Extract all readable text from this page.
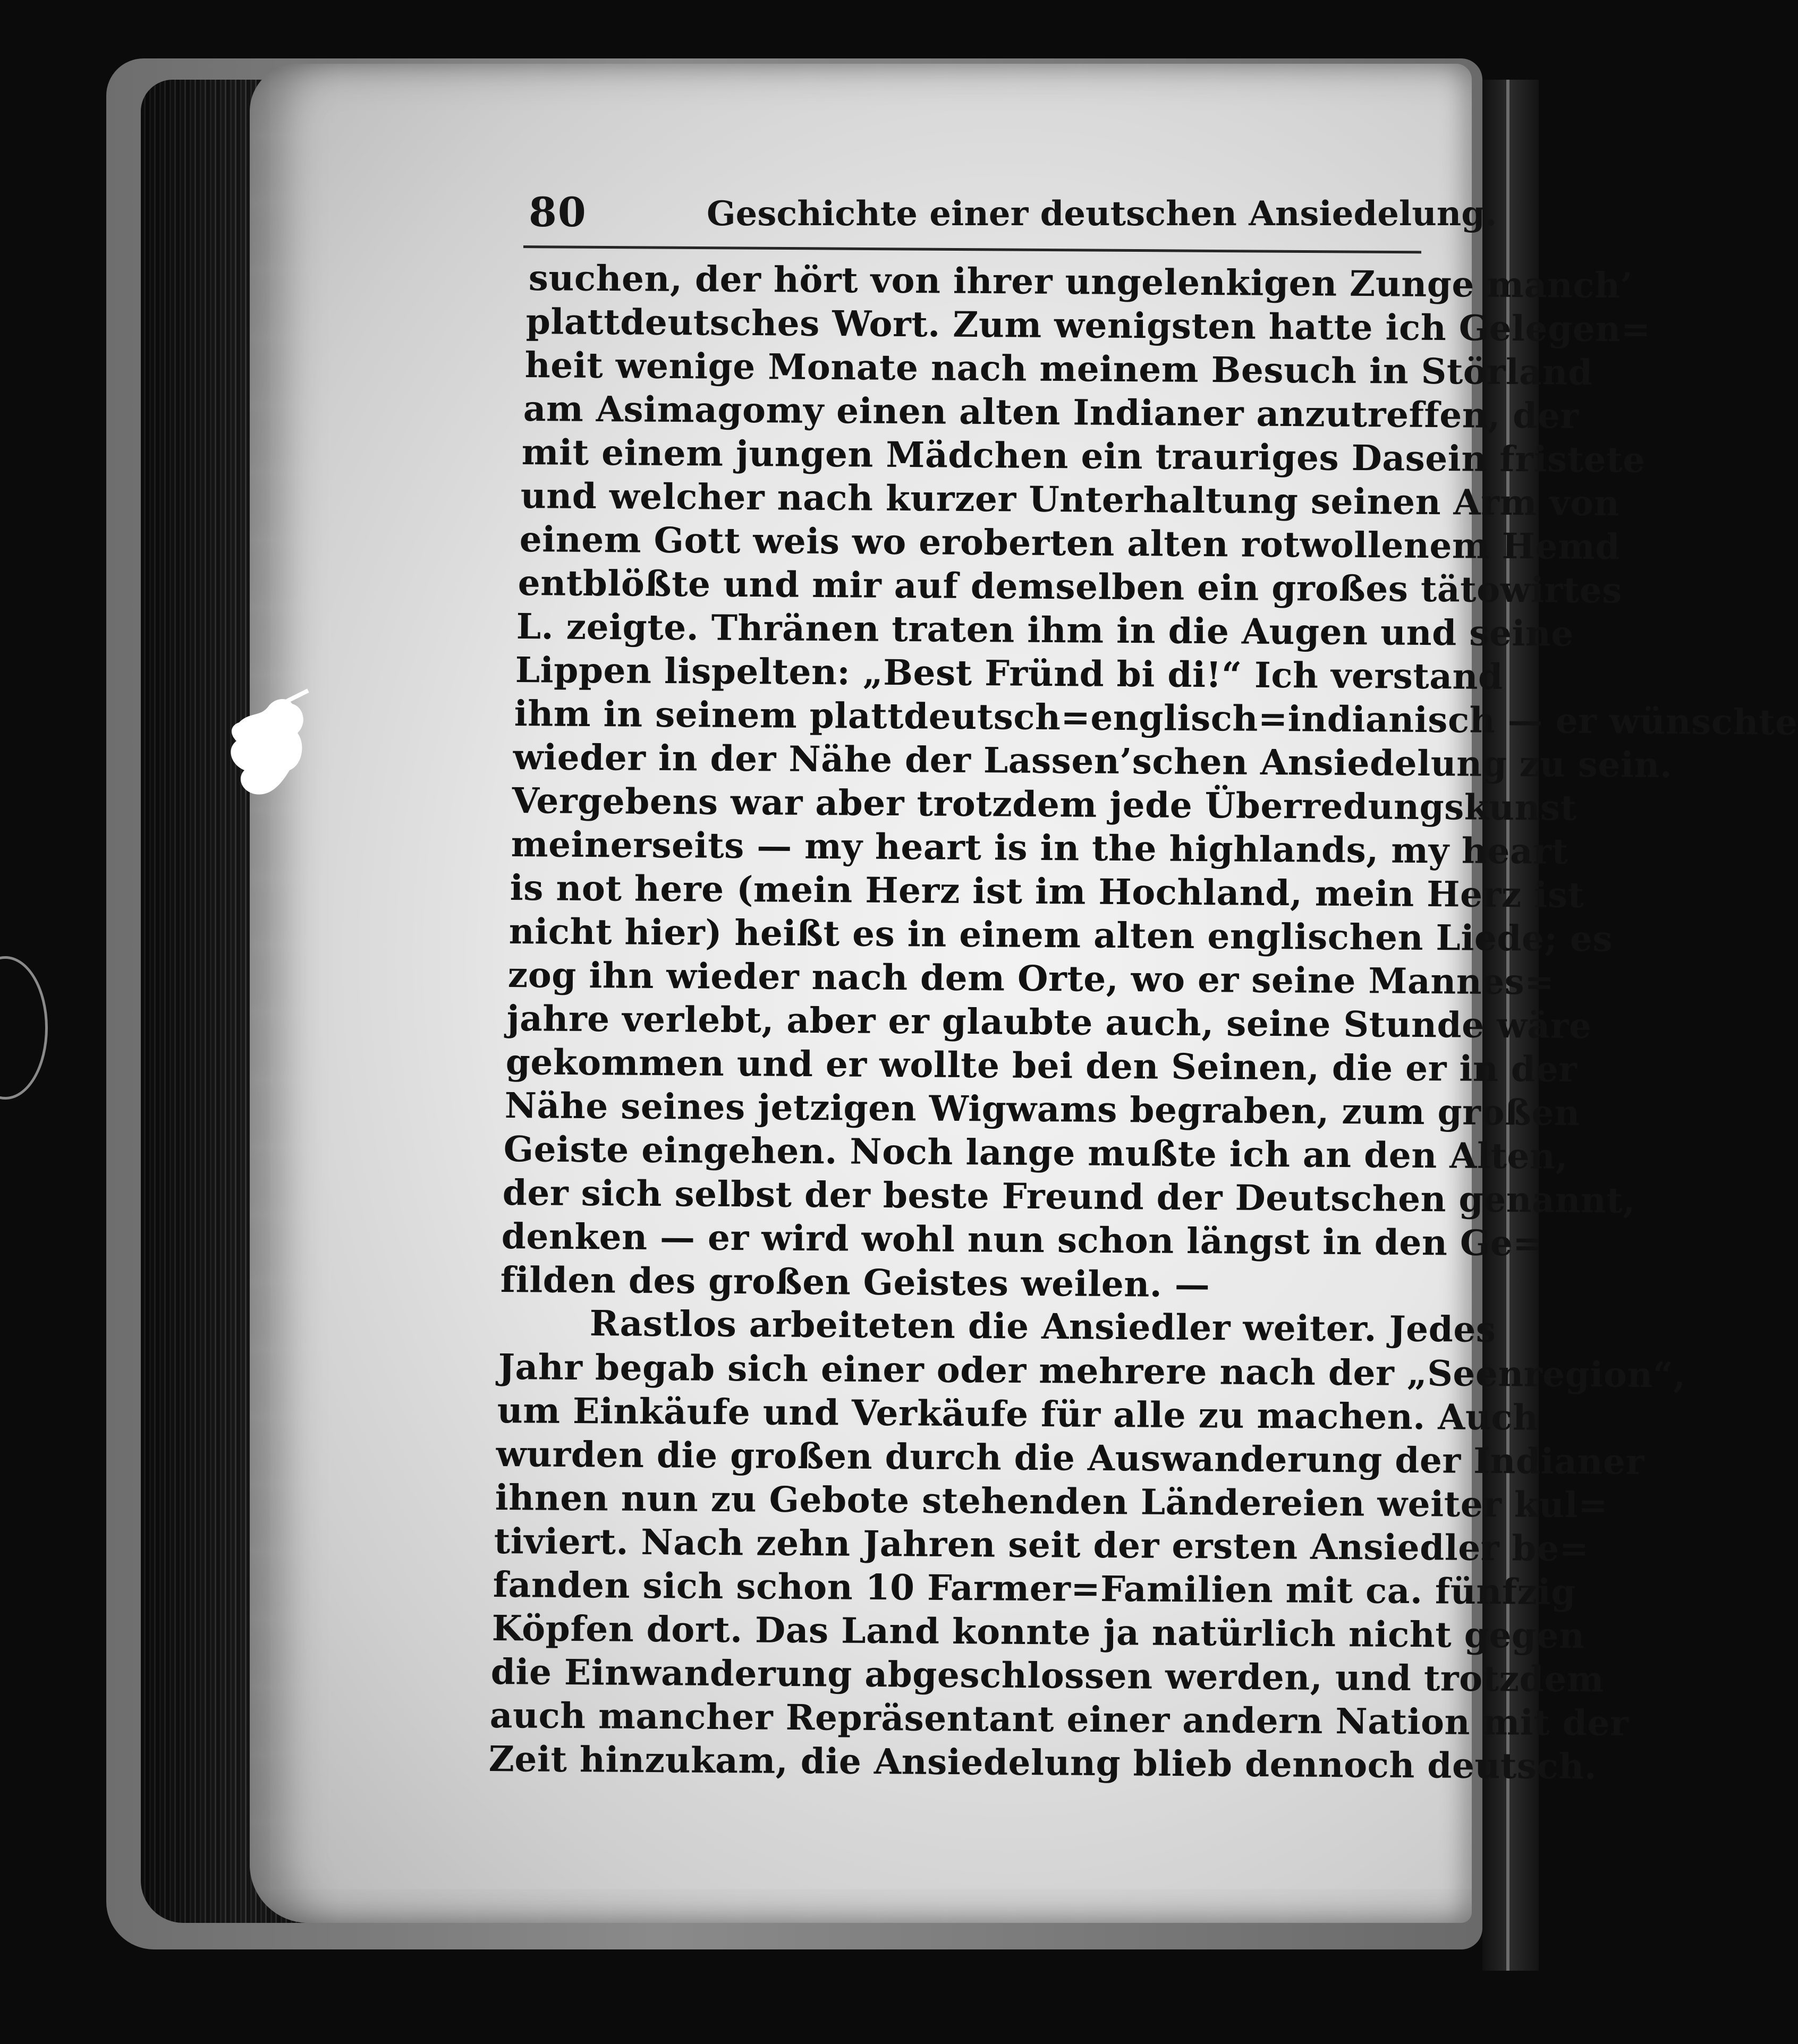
80	Geschichte einer deutschen Ansiedelung.
suchen, der hört von ihrer ungelenkigen Zunge manch’
plattdeutsches Wort. Zum wenigsten hatte ich Gelegen=
heit wenige Monate nach meinem Besuch in Störland
am Asimagomy einen alten Indianer anzutreffen, der
mit einem jungen Mädchen ein trauriges Dasein fristete
und welcher nach kurzer Unterhaltung seinen Arm von
einem Gott weis wo eroberten alten rotwollenem Hemd
entblößte und mir auf demselben ein großes tätowirtes
L. zeigte. Thränen traten ihm in die Augen und seine
Lippen lispelten: „Best Fründ bi di!“ Ich verstand
ihm in seinem plattdeutsch=englisch=indianisch — er wünschte
wieder in der Nähe der Lassen’schen Ansiedelung zu sein.
Vergebens war aber trotzdem jede Überredungskunst
meinerseits — my heart is in the highlands, my heart
is not here (mein Herz ist im Hochland, mein Herz ist
nicht hier) heißt es in einem alten englischen Liede; es
zog ihn wieder nach dem Orte, wo er seine Mannes=
jahre verlebt, aber er glaubte auch, seine Stunde wäre
gekommen und er wollte bei den Seinen, die er in der
Nähe seines jetzigen Wigwams begraben, zum großen
Geiste eingehen. Noch lange mußte ich an den Alten,
der sich selbst der beste Freund der Deutschen genannt,
denken — er wird wohl nun schon längst in den Ge=
filden des großen Geistes weilen. —
Rastlos arbeiteten die Ansiedler weiter. Jedes
Jahr begab sich einer oder mehrere nach der „Seenregion“,
um Einkäufe und Verkäufe für alle zu machen. Auch
wurden die großen durch die Auswanderung der Indianer
ihnen nun zu Gebote stehenden Ländereien weiter kul=
tiviert. Nach zehn Jahren seit der ersten Ansiedler be=
fanden sich schon 10 Farmer=Familien mit ca. fünfzig
Köpfen dort. Das Land konnte ja natürlich nicht gegen
die Einwanderung abgeschlossen werden, und trotzdem
auch mancher Repräsentant einer andern Nation mit der
Zeit hinzukam, die Ansiedelung blieb dennoch deutsch.
